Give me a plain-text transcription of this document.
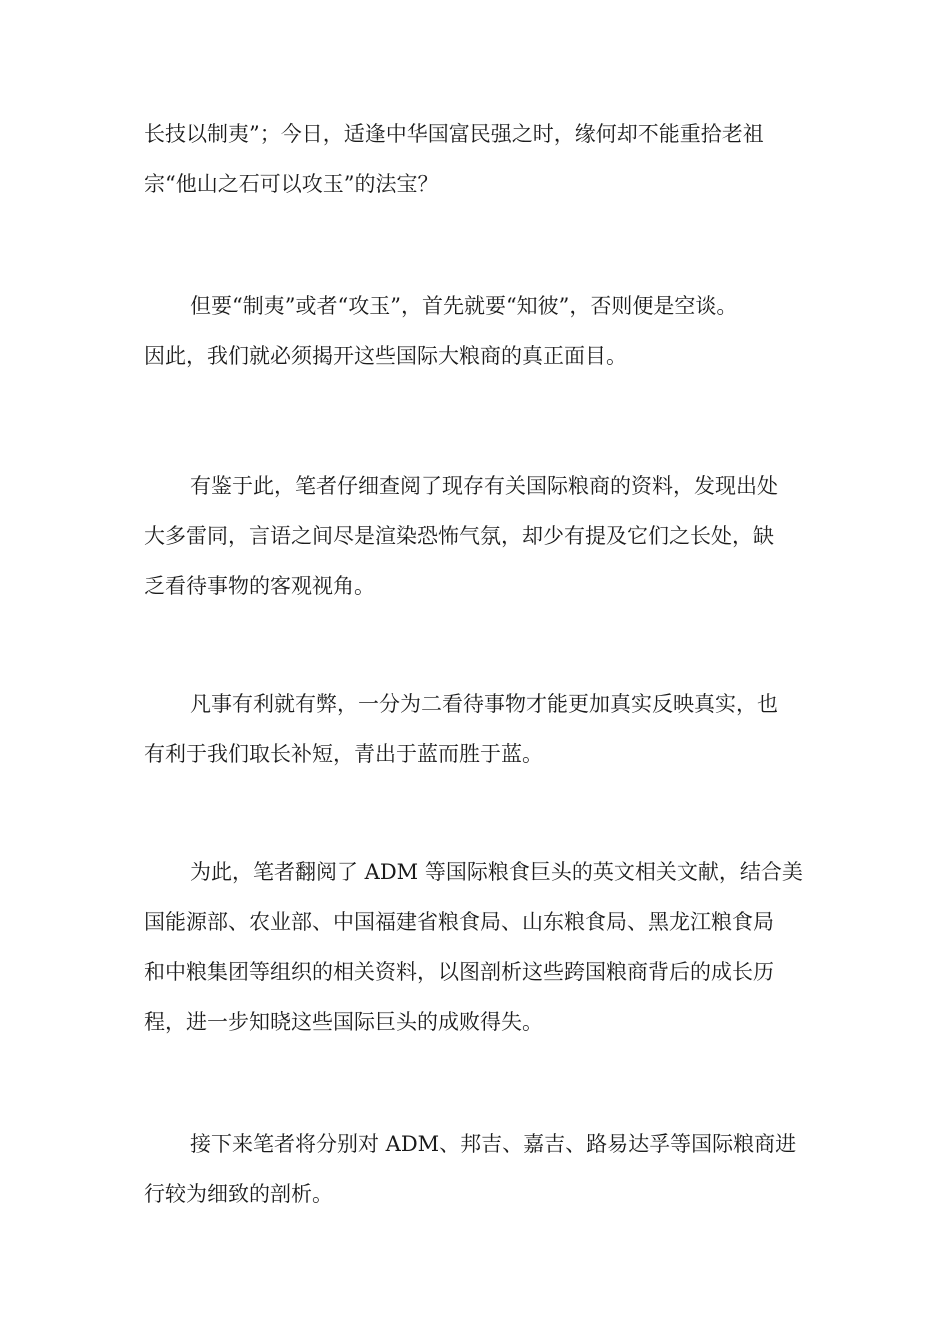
长技以制夷”；今日，适逢中华国富民强之时，缘何却不能重拾老祖
宗“他山之石可以攻玉”的法宝？
但要“制夷”或者“攻玉”，首先就要“知彼”，否则便是空谈。
因此，我们就必须揭开这些国际大粮商的真正面目。
有鉴于此，笔者仔细查阅了现存有关国际粮商的资料，发现出处
大多雷同，言语之间尽是渲染恐怖气氛，却少有提及它们之长处，缺
乏看待事物的客观视角。
凡事有利就有弊，一分为二看待事物才能更加真实反映真实，也
有利于我们取长补短，青出于蓝而胜于蓝。
为此，笔者翻阅了 ADM 等国际粮食巨头的英文相关文献，结合美
国能源部、农业部、中国福建省粮食局、山东粮食局、黑龙江粮食局
和中粮集团等组织的相关资料，以图剖析这些跨国粮商背后的成长历
程，进一步知晓这些国际巨头的成败得失。
接下来笔者将分别对 ADM、邦吉、嘉吉、路易达孚等国际粮商进
行较为细致的剖析。
